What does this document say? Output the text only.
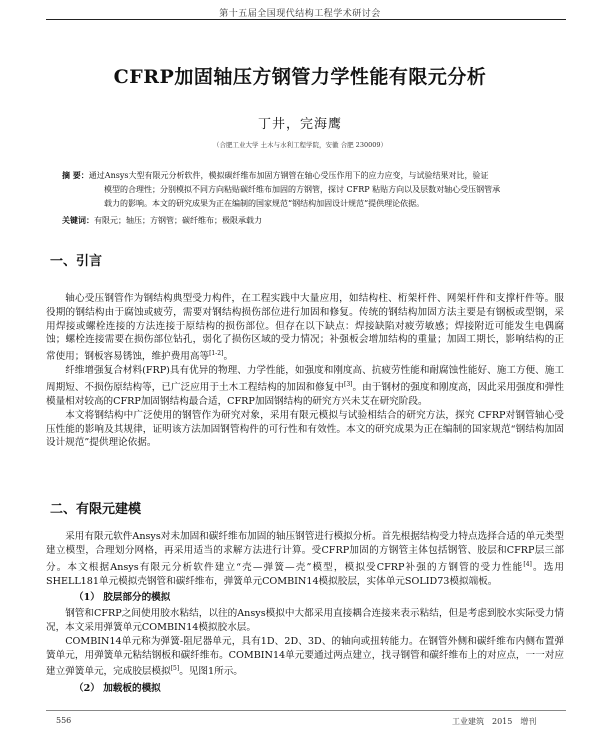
第十五届全国现代结构工程学术研讨会
CFRP加固轴压方钢管力学性能有限元分析
丁井，完海鹰
（合肥工业大学 土木与水利工程学院，安徽 合肥 230009）
摘 要：通过Ansys大型有限元分析软件，模拟碳纤维布加固方钢管在轴心受压作用下的应力应变，与试验结果对比，验证
模型的合理性；分别模拟不同方向粘贴碳纤维布加固的方钢管，探讨 CFRP 粘贴方向以及层数对轴心受压钢管承
载力的影响。本文的研究成果为正在编制的国家规范“钢结构加固设计规范”提供理论依据。
关键词：有限元；轴压；方钢管；碳纤维布；极限承载力
一、引言

轴心受压钢管作为钢结构典型受力构件，在工程实践中大量应用，如结构柱、桁架杆件、网架杆件和支撑杆件等。服役期的钢结构由于腐蚀或疲劳，需要对钢结构损伤部位进行加固和修复。传统的钢结构加固方法主要是有钢板或型钢，采用焊接或螺栓连接的方法连接于原结构的损伤部位。但存在以下缺点：焊接缺陷对疲劳敏感；焊接附近可能发生电偶腐蚀；螺栓连接需要在损伤部位钻孔，弱化了损伤区域的受力情况；补强板会增加结构的重量；加固工期长，影响结构的正常使用；钢板容易锈蚀，维护费用高等[1-2]。

纤维增强复合材料(FRP)具有优异的物理、力学性能，如强度和刚度高、抗疲劳性能和耐腐蚀性能好、施工方便、施工周期短、不损伤原结构等，已广泛应用于土木工程结构的加固和修复中[3]。由于钢材的强度和刚度高，因此采用强度和弹性模量相对较高的CFRP加固钢结构最合适，CFRP加固钢结构的研究方兴未艾在研究阶段。

本文将钢结构中广泛使用的钢管作为研究对象，采用有限元模拟与试验相结合的研究方法，探究 CFRP对钢管轴心受压性能的影响及其规律，证明该方法加固钢管构件的可行性和有效性。本文的研究成果为正在编制的国家规范“钢结构加固设计规范”提供理论依据。

二、有限元建模

采用有限元软件Ansys对未加固和碳纤维布加固的轴压钢管进行模拟分析。首先根据结构受力特点选择合适的单元类型建立模型，合理划分网格，再采用适当的求解方法进行计算。受CFRP加固的方钢管主体包括钢管、胶层和CFRP层三部分。本文根据Ansys有限元分析软件建立“壳—弹簧—壳”模型，模拟受CFRP补强的方钢管的受力性能[4]。选用SHELL181单元模拟壳钢管和碳纤维布，弹簧单元COMBIN14模拟胶层，实体单元SOLID73模拟端板。

（1） 胶层部分的模拟

钢管和CFRP之间使用胶水粘结，以往的Ansys模拟中大都采用直接耦合连接来表示粘结，但是考虑到胶水实际受力情况，本文采用弹簧单元COMBIN14模拟胶水层。

COMBIN14单元称为弹簧-阻尼器单元，具有1D、2D、3D、的轴向或扭转能力。在钢管外侧和碳纤维布内侧布置弹簧单元，用弹簧单元粘结钢板和碳纤维布。COMBIN14单元要通过两点建立，找寻钢管和碳纤维布上的对应点，一一对应建立弹簧单元，完成胶层模拟[5]。见图1所示。

（2） 加载板的模拟

556	工业建筑　2015　增刊
